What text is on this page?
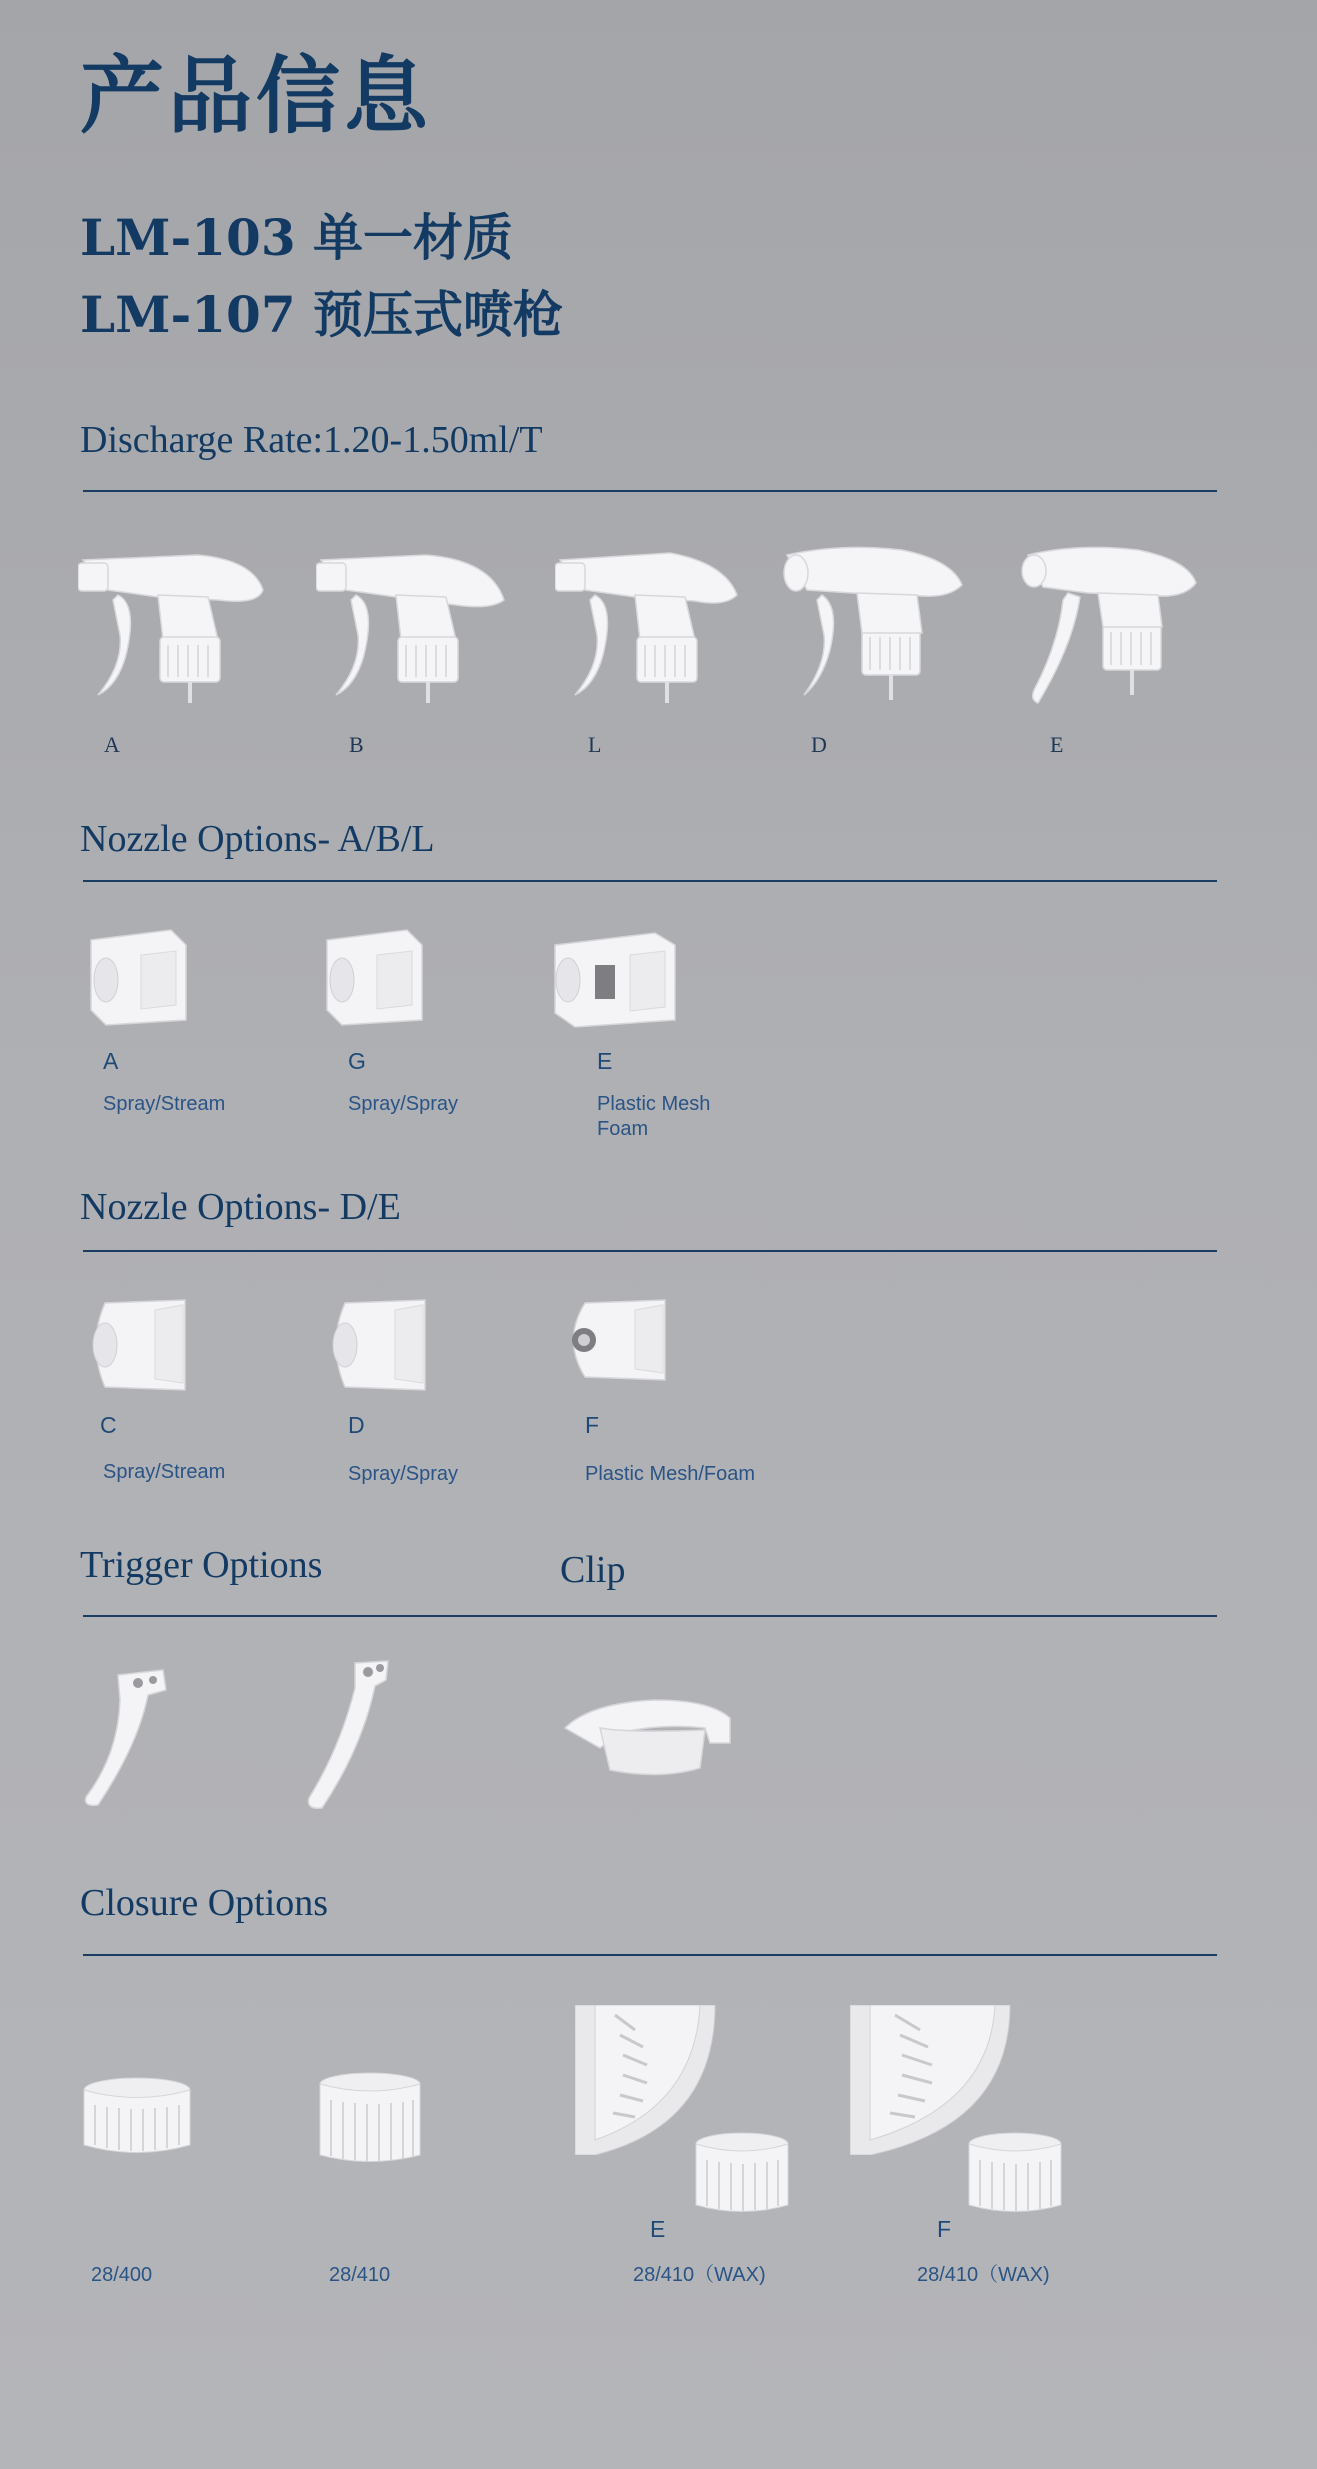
产品信息
LM-103 单一材质
LM-107 预压式喷枪
Discharge Rate:1.20-1.50ml/T
A	B	L	D	E
Nozzle Options- A/B/L
A	G	E
Spray/Stream	Spray/Spray	Plastic Mesh
Foam
Nozzle Options- D/E
C	D	F
Spray/Stream	Spray/Spray	Plastic Mesh/Foam
Trigger Options	Clip
Closure Options
E	F
28/400	28/410	28/410（WAX)	28/410（WAX)
